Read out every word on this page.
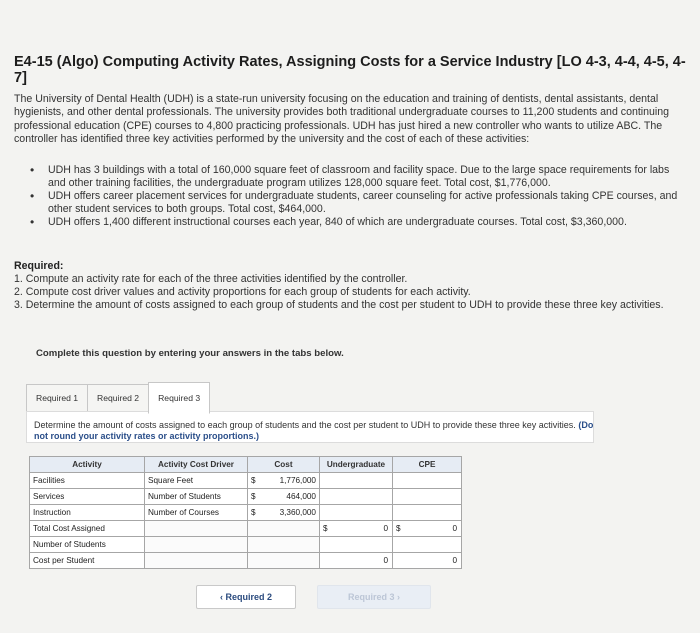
E4-15 (Algo) Computing Activity Rates, Assigning Costs for a Service Industry [LO 4-3, 4-4, 4-5, 4-7]

The University of Dental Health (UDH) is a state-run university focusing on the education and training of dentists, dental assistants, dental hygienists, and other dental professionals. The university provides both traditional undergraduate courses to 11,200 students and continuing professional education (CPE) courses to 4,800 practicing professionals. UDH has just hired a new controller who wants to utilize ABC. The controller has identified three key activities performed by the university and the cost of each of these activities:

• UDH has 3 buildings with a total of 160,000 square feet of classroom and facility space. Due to the large space requirements for labs and other training facilities, the undergraduate program utilizes 128,000 square feet. Total cost, $1,776,000.
• UDH offers career placement services for undergraduate students, career counseling for active professionals taking CPE courses, and other student services to both groups. Total cost, $464,000.
• UDH offers 1,400 different instructional courses each year, 840 of which are undergraduate courses. Total cost, $3,360,000.
Required:
1. Compute an activity rate for each of the three activities identified by the controller.
2. Compute cost driver values and activity proportions for each group of students for each activity.
3. Determine the amount of costs assigned to each group of students and the cost per student to UDH to provide these three key activities.
Complete this question by entering your answers in the tabs below.
Required 1	Required 2	Required 3
Determine the amount of costs assigned to each group of students and the cost per student to UDH to provide these three key activities. (Do not round your activity rates or activity proportions.)
Activity	Activity Cost Driver	Cost	Undergraduate	CPE
Facilities	Square Feet	$ 1,776,000		

Services	Number of Students	$ 464,000		

Instruction	Number of Courses	$ 3,360,000		

Total Cost Assigned			$ 0	$ 0

Number of Students				
Cost per Student			0	0
‹ Required 2	Required 3 ›
